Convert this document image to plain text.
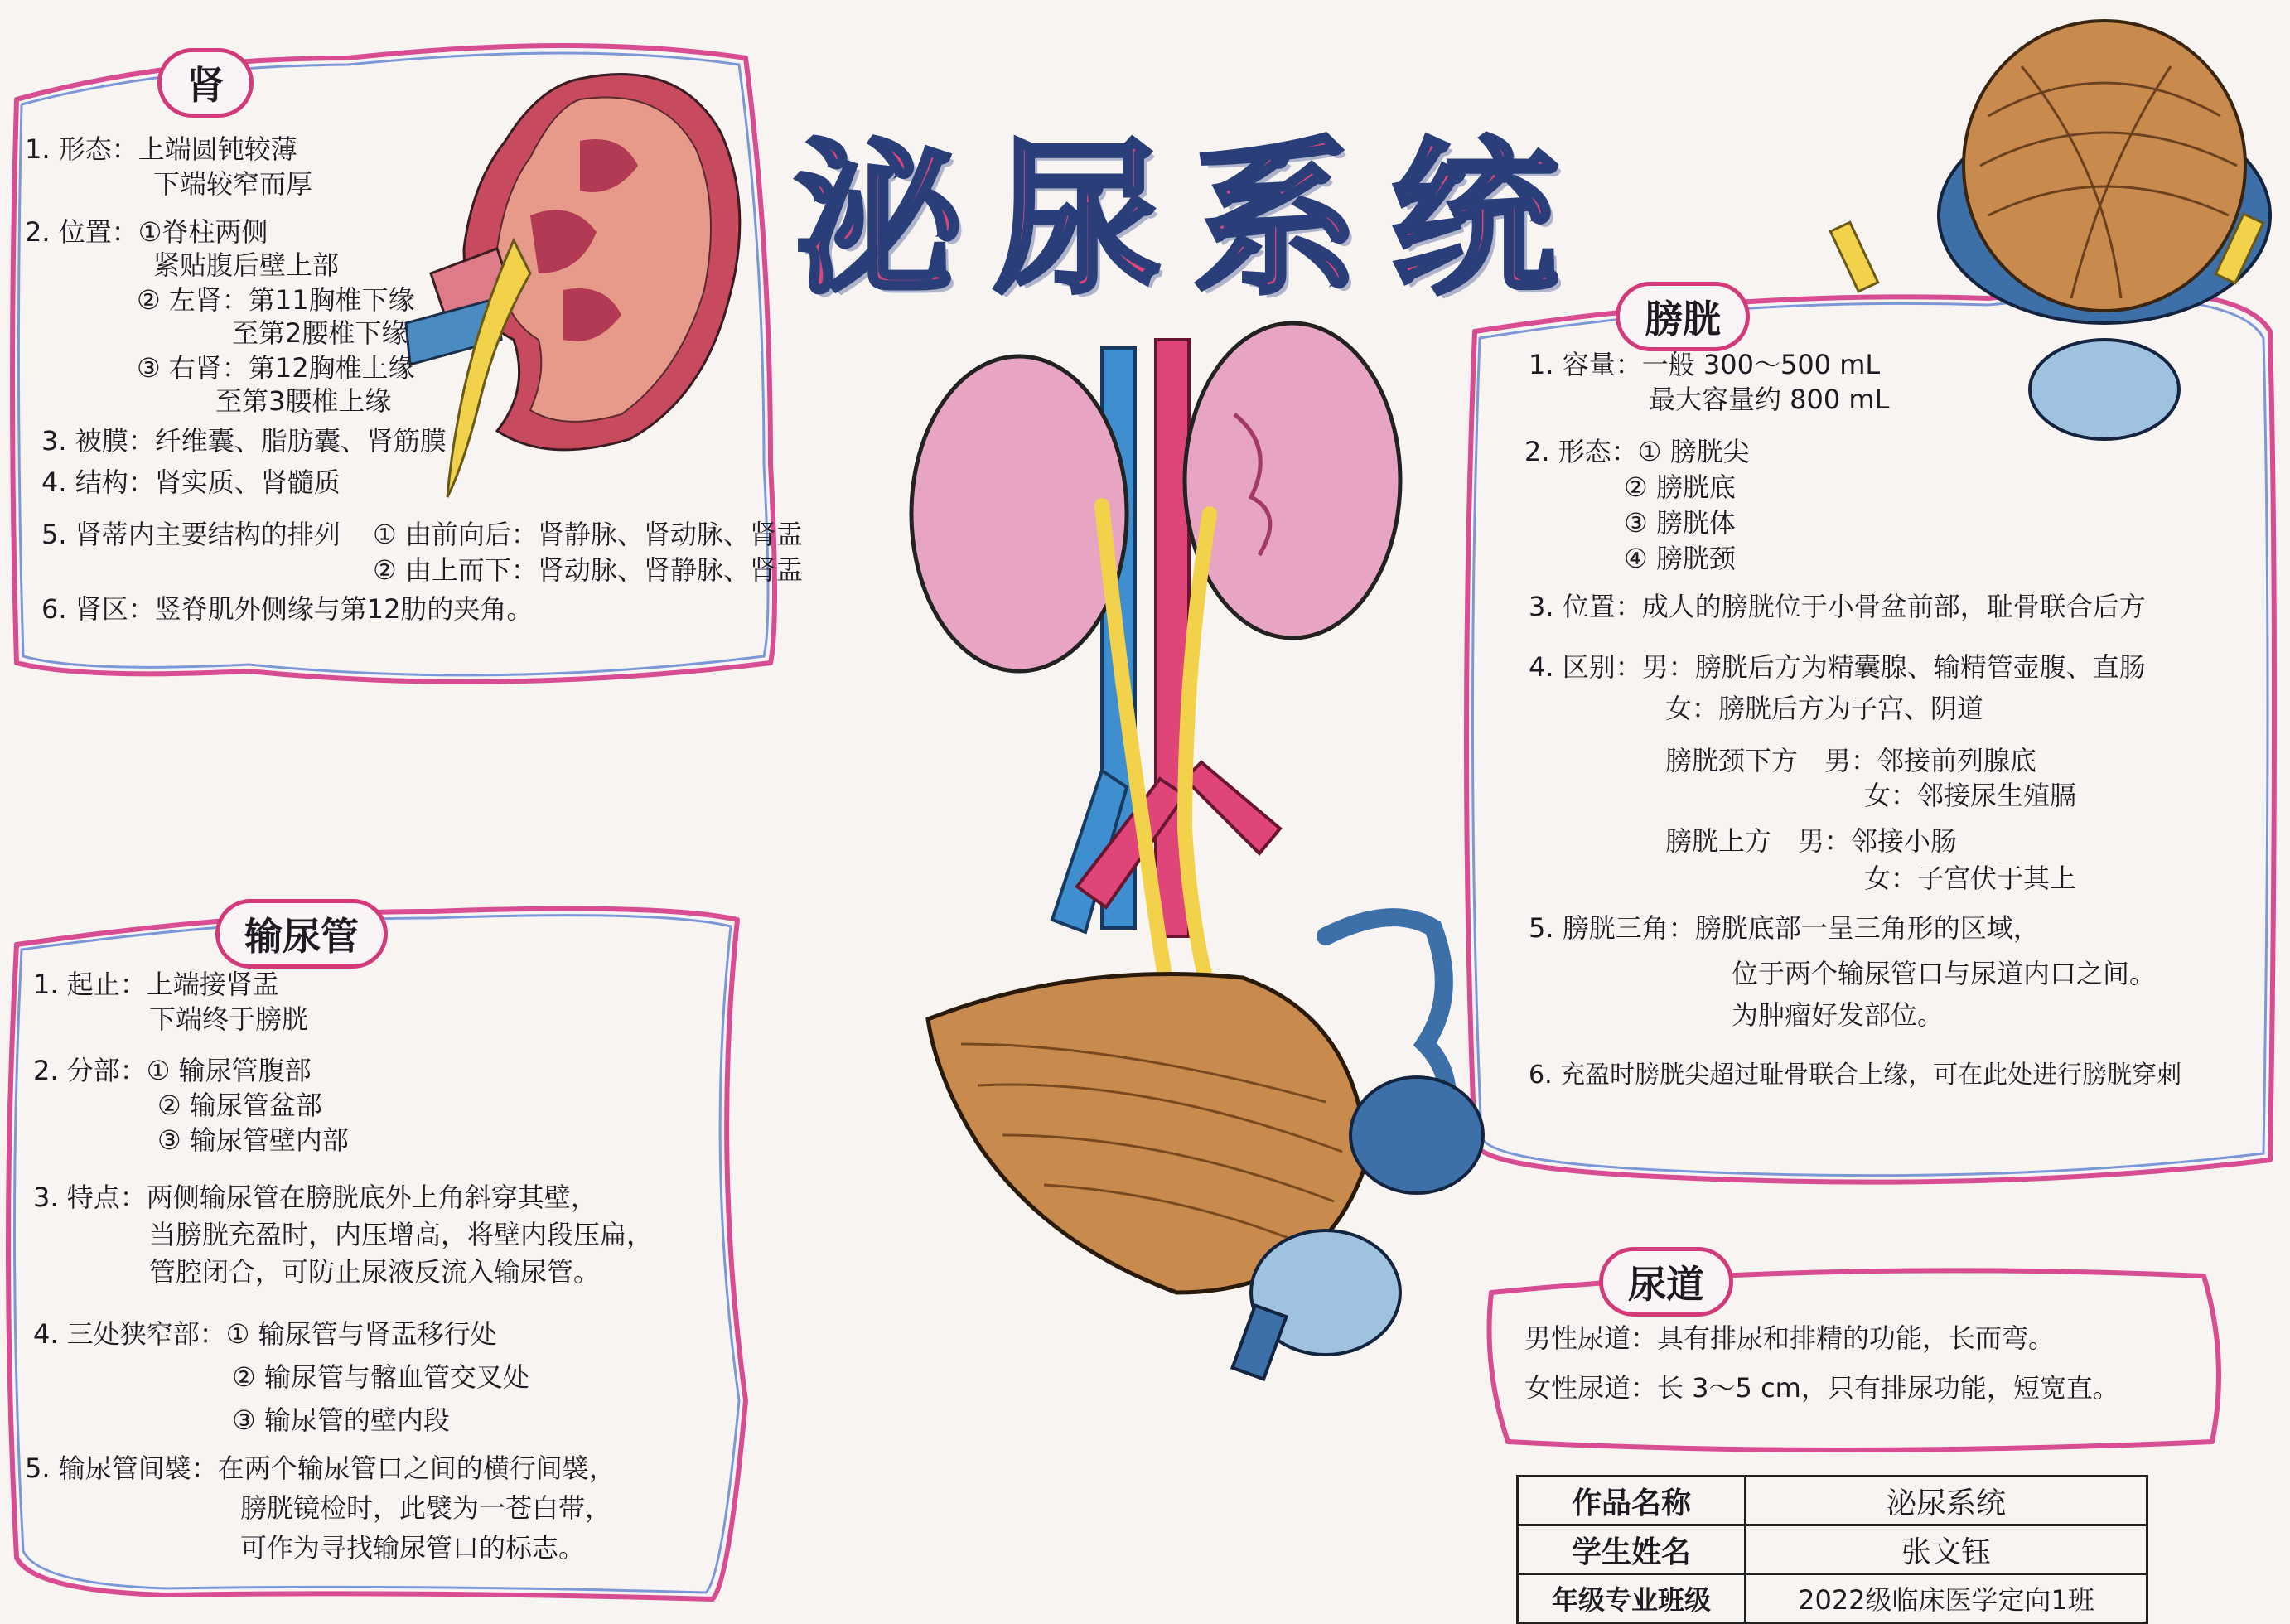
泌尿系统
肾
1. 形态：上端圆钝较薄
下端较窄而厚
2. 位置：①脊柱两侧
紧贴腹后壁上部
② 左肾：第11胸椎下缘
至第2腰椎下缘
③ 右肾：第12胸椎上缘
至第3腰椎上缘
3. 被膜：纤维囊、脂肪囊、肾筋膜
4. 结构：肾实质、肾髓质
5. 肾蒂内主要结构的排列 ① 由前向后：肾静脉、肾动脉、肾盂
② 由上而下：肾动脉、肾静脉、肾盂
6. 肾区：竖脊肌外侧缘与第12肋的夹角。
输尿管
1. 起止：上端接肾盂
下端终于膀胱
2. 分部：① 输尿管腹部
② 输尿管盆部
③ 输尿管壁内部
3. 特点：两侧输尿管在膀胱底外上角斜穿其壁，
当膀胱充盈时，内压增高，将壁内段压扁，
管腔闭合，可防止尿液反流入输尿管。
4. 三处狭窄部：① 输尿管与肾盂移行处
② 输尿管与髂血管交叉处
③ 输尿管的壁内段
5. 输尿管间襞：在两个输尿管口之间的横行间襞，
膀胱镜检时，此襞为一苍白带，
可作为寻找输尿管口的标志。
膀胱
1. 容量：一般 300～500 mL
最大容量约 800 mL
2. 形态：① 膀胱尖
② 膀胱底
③ 膀胱体
④ 膀胱颈
3. 位置：成人的膀胱位于小骨盆前部，耻骨联合后方
4. 区别：男：膀胱后方为精囊腺、输精管壶腹、直肠
女：膀胱后方为子宫、阴道
膀胱颈下方　男：邻接前列腺底
女：邻接尿生殖膈
膀胱上方　男：邻接小肠
女：子宫伏于其上
5. 膀胱三角：膀胱底部一呈三角形的区域，
位于两个输尿管口与尿道内口之间。
为肿瘤好发部位。
6. 充盈时膀胱尖超过耻骨联合上缘，可在此处进行膀胱穿刺
尿道
男性尿道：具有排尿和排精的功能，长而弯。
女性尿道：长 3～5 cm，只有排尿功能，短宽直。
作品名称	泌尿系统
学生姓名	张文钰
年级专业班级	2022级临床医学定向1班
